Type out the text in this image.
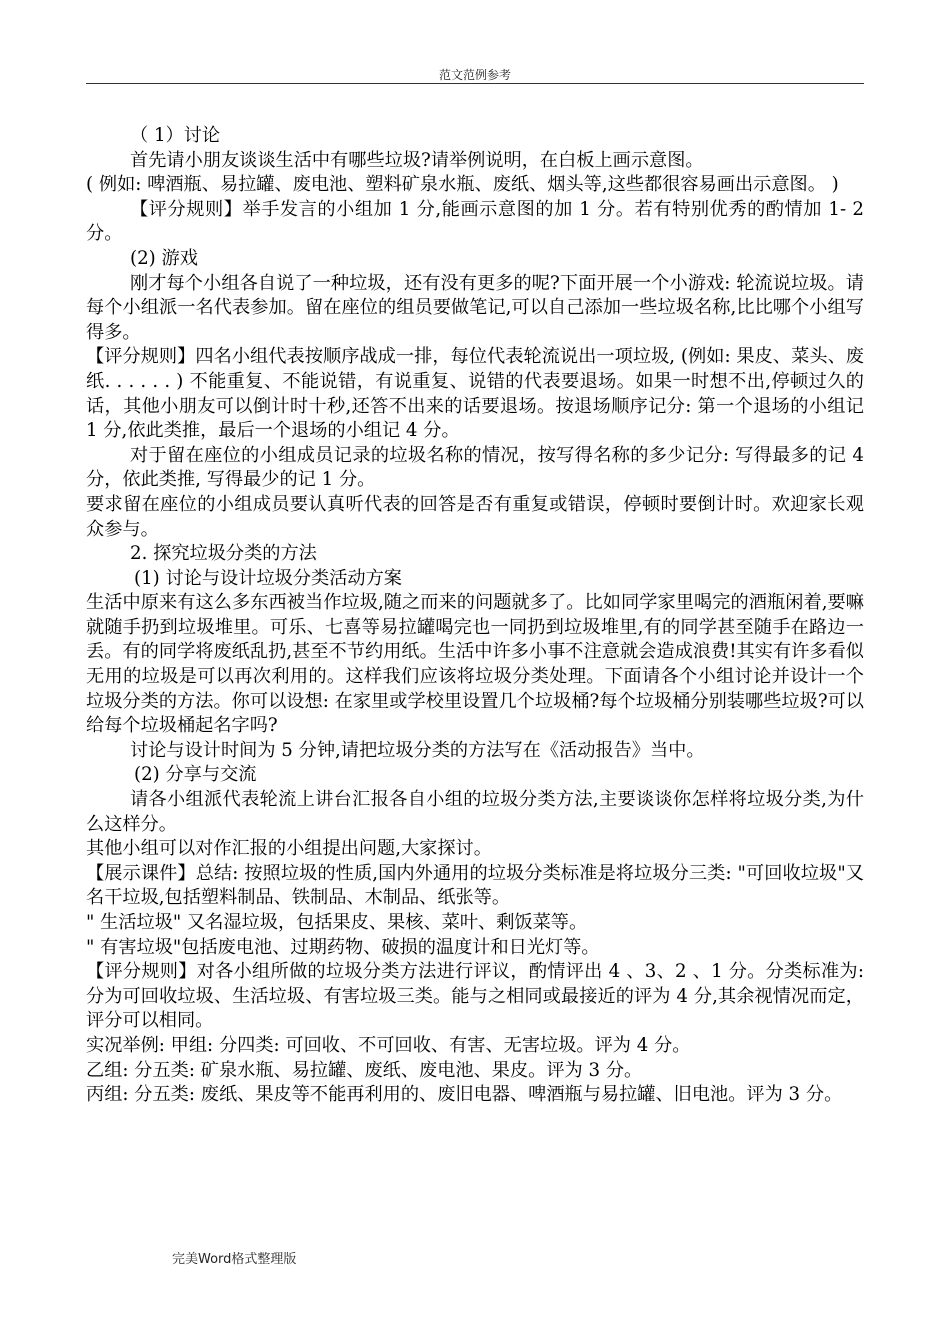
范文范例参考

（ 1）讨论

首先请小朋友谈谈生活中有哪些垃圾?请举例说明，在白板上画示意图。

( 例如: 啤酒瓶、易拉罐、废电池、塑料矿泉水瓶、废纸、烟头等,这些都很容易画出示意图。 )

【评分规则】举手发言的小组加 1 分,能画示意图的加 1 分。若有特别优秀的酌情加 1- 2 分。

(2) 游戏

刚才每个小组各自说了一种垃圾，还有没有更多的呢?下面开展一个小游戏: 轮流说垃圾。请每个小组派一名代表参加。留在座位的组员要做笔记,可以自己添加一些垃圾名称,比比哪个小组写得多。

【评分规则】四名小组代表按顺序战成一排，每位代表轮流说出一项垃圾, (例如: 果皮、菜头、废纸. . . . . . ) 不能重复、不能说错，有说重复、说错的代表要退场。如果一时想不出,停顿过久的话，其他小朋友可以倒计时十秒,还答不出来的话要退场。按退场顺序记分: 第一个退场的小组记 1 分,依此类推，最后一个退场的小组记 4 分。

对于留在座位的小组成员记录的垃圾名称的情况，按写得名称的多少记分: 写得最多的记 4 分，依此类推, 写得最少的记 1 分。

要求留在座位的小组成员要认真听代表的回答是否有重复或错误，停顿时要倒计时。欢迎家长观众参与。

2. 探究垃圾分类的方法

(1) 讨论与设计垃圾分类活动方案

生活中原来有这么多东西被当作垃圾,随之而来的问题就多了。比如同学家里喝完的酒瓶闲着,要嘛就随手扔到垃圾堆里。可乐、七喜等易拉罐喝完也一同扔到垃圾堆里,有的同学甚至随手在路边一丢。有的同学将废纸乱扔,甚至不节约用纸。生活中许多小事不注意就会造成浪费!其实有许多看似无用的垃圾是可以再次利用的。这样我们应该将垃圾分类处理。下面请各个小组讨论并设计一个垃圾分类的方法。你可以设想: 在家里或学校里设置几个垃圾桶?每个垃圾桶分别装哪些垃圾?可以给每个垃圾桶起名字吗?

讨论与设计时间为 5 分钟,请把垃圾分类的方法写在《活动报告》当中。

(2) 分享与交流

请各小组派代表轮流上讲台汇报各自小组的垃圾分类方法,主要谈谈你怎样将垃圾分类,为什么这样分。

其他小组可以对作汇报的小组提出问题,大家探讨。

【展示课件】总结: 按照垃圾的性质,国内外通用的垃圾分类标准是将垃圾分三类: "可回收垃圾"又名干垃圾,包括塑料制品、铁制品、木制品、纸张等。

" 生活垃圾" 又名湿垃圾，包括果皮、果核、菜叶、剩饭菜等。

" 有害垃圾"包括废电池、过期药物、破损的温度计和日光灯等。

【评分规则】对各小组所做的垃圾分类方法进行评议，酌情评出 4 、3、2 、1 分。分类标准为: 分为可回收垃圾、生活垃圾、有害垃圾三类。能与之相同或最接近的评为 4 分,其余视情况而定，评分可以相同。

实况举例: 甲组: 分四类: 可回收、不可回收、有害、无害垃圾。评为 4 分。

乙组: 分五类: 矿泉水瓶、易拉罐、废纸、废电池、果皮。评为 3 分。

丙组: 分五类: 废纸、果皮等不能再利用的、废旧电器、啤酒瓶与易拉罐、旧电池。评为 3 分。

完美Word格式整理版
